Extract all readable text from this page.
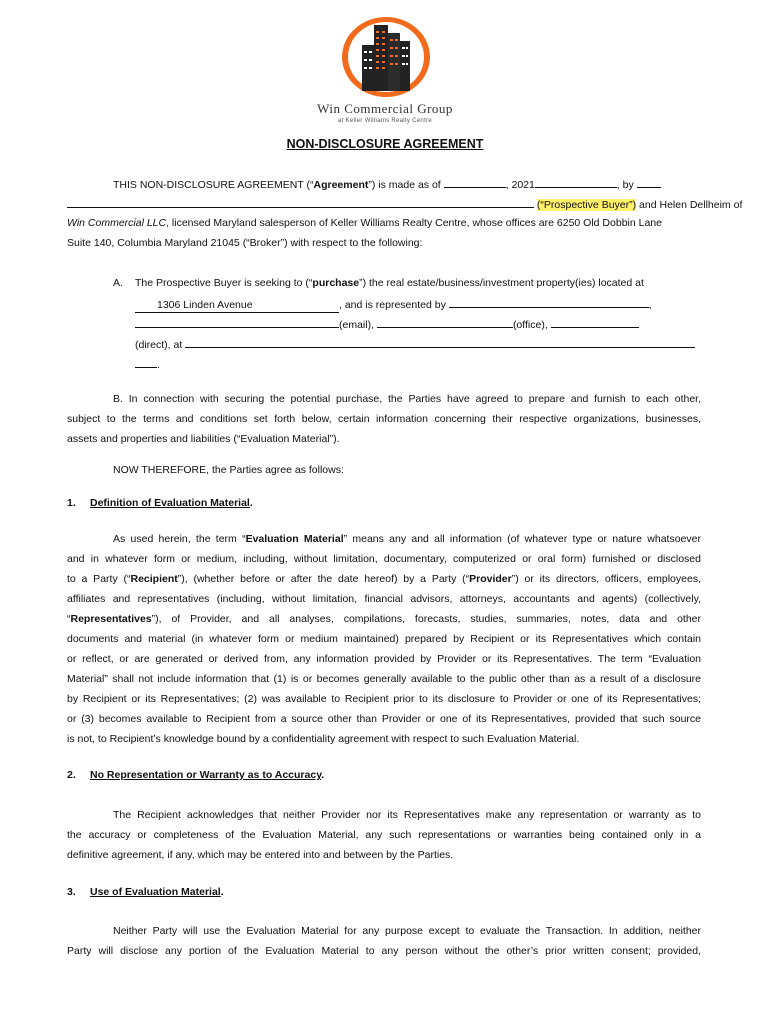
Win Commercial Group
at Keller Williams Realty Centre
NON-DISCLOSURE AGREEMENT
THIS NON-DISCLOSURE AGREEMENT (“Agreement”) is made as of	, 2021	, by
(“Prospective Buyer”) and Helen Dellheim of
Win Commercial LLC, licensed Maryland salesperson of Keller Williams Realty Centre, whose offices are 6250 Old Dobbin Lane
Suite 140, Columbia Maryland 21045 (“Broker”) with respect to the following:
A. The Prospective Buyer is seeking to (“purchase”) the real estate/business/investment property(ies) located at
1306 Linden Avenue	, and is represented by	,
(email),	(office),
(direct), at
.
B. In connection with securing the potential purchase, the Parties have agreed to prepare and furnish to each other,
subject to the terms and conditions set forth below, certain information concerning their respective organizations, businesses,
assets and properties and liabilities (“Evaluation Material”).
NOW THEREFORE, the Parties agree as follows:
1. Definition of Evaluation Material.
As used herein, the term “Evaluation Material” means any and all information (of whatever type or nature whatsoever
and in whatever form or medium, including, without limitation, documentary, computerized or oral form) furnished or disclosed
to a Party (“Recipient”), (whether before or after the date hereof) by a Party (“Provider”) or its directors, officers, employees,
affiliates and representatives (including, without limitation, financial advisors, attorneys, accountants and agents) (collectively,
“Representatives”), of Provider, and all analyses, compilations, forecasts, studies, summaries, notes, data and other
documents and material (in whatever form or medium maintained) prepared by Recipient or its Representatives which contain
or reflect, or are generated or derived from, any information provided by Provider or its Representatives. The term “Evaluation
Material” shall not include information that (1) is or becomes generally available to the public other than as a result of a disclosure
by Recipient or its Representatives; (2) was available to Recipient prior to its disclosure to Provider or one of its Representatives;
or (3) becomes available to Recipient from a source other than Provider or one of its Representatives, provided that such source
is not, to Recipient’s knowledge bound by a confidentiality agreement with respect to such Evaluation Material.
2. No Representation or Warranty as to Accuracy.
The Recipient acknowledges that neither Provider nor its Representatives make any representation or warranty as to
the accuracy or completeness of the Evaluation Material, any such representations or warranties being contained only in a
definitive agreement, if any, which may be entered into and between by the Parties.
3. Use of Evaluation Material.
Neither Party will use the Evaluation Material for any purpose except to evaluate the Transaction. In addition, neither
Party will disclose any portion of the Evaluation Material to any person without the other’s prior written consent; provided,
